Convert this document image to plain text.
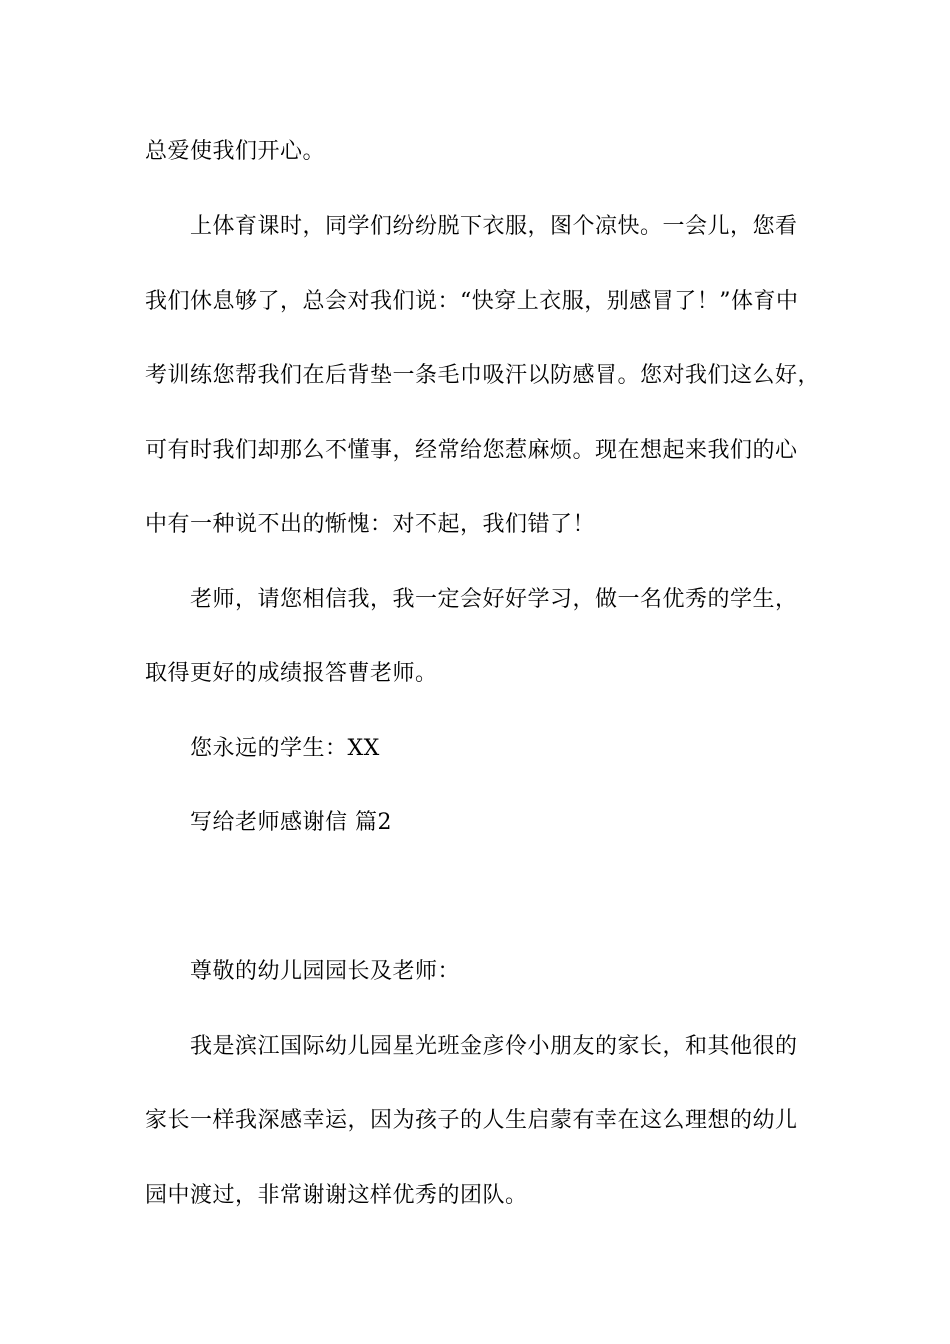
总爱使我们开心。
上体育课时，同学们纷纷脱下衣服，图个凉快。一会儿，您看
我们休息够了，总会对我们说：“快穿上衣服，别感冒了！”体育中
考训练您帮我们在后背垫一条毛巾吸汗以防感冒。您对我们这么好，
可有时我们却那么不懂事，经常给您惹麻烦。现在想起来我们的心
中有一种说不出的惭愧：对不起，我们错了！
老师，请您相信我，我一定会好好学习，做一名优秀的学生，
取得更好的成绩报答曹老师。
您永远的学生：XX
写给老师感谢信 篇2
尊敬的幼儿园园长及老师：
我是滨江国际幼儿园星光班金彦伶小朋友的家长，和其他很的
家长一样我深感幸运，因为孩子的人生启蒙有幸在这么理想的幼儿
园中渡过，非常谢谢这样优秀的团队。
